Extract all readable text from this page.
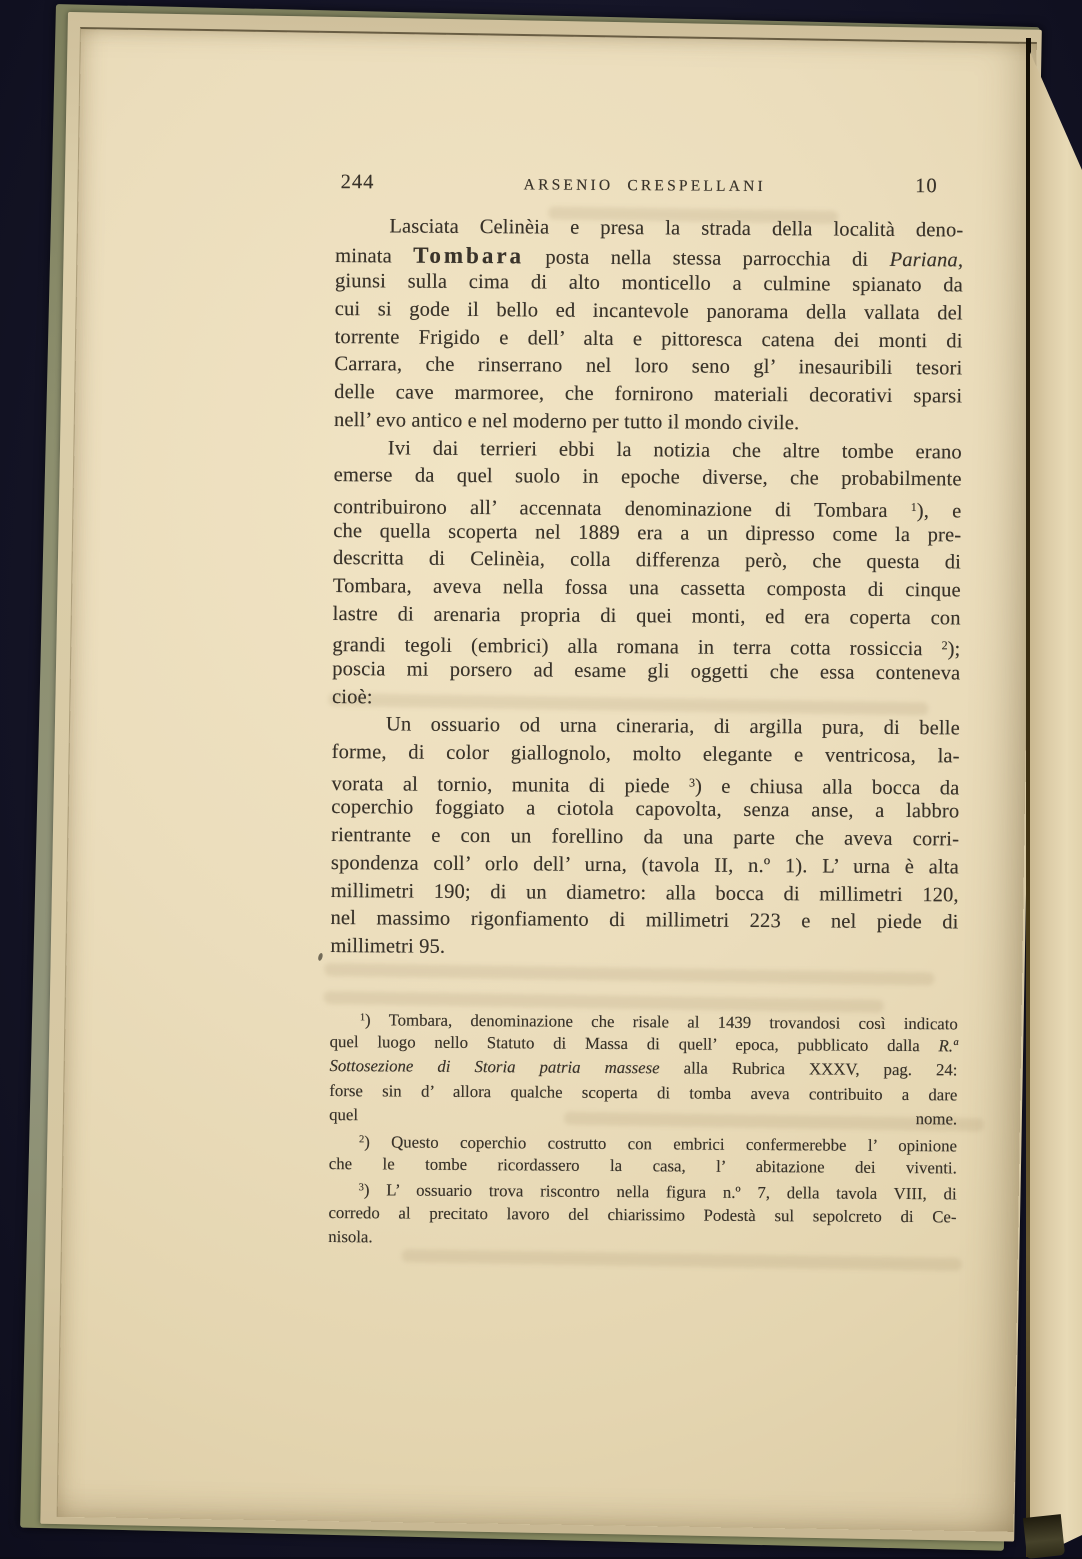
244	ARSENIO CRESPELLANI	10
Lasciata Celinèia e presa la strada della località deno-
minata Tombara posta nella stessa parrocchia di Pariana,
giunsi sulla cima di alto monticello a culmine spianato da
cui si gode il bello ed incantevole panorama della vallata del
torrente Frigido e dell’ alta e pittoresca catena dei monti di
Carrara, che rinserrano nel loro seno gl’ inesauribili tesori
delle cave marmoree, che fornirono materiali decorativi sparsi
nell’ evo antico e nel moderno per tutto il mondo civile.
Ivi dai terrieri ebbi la notizia che altre tombe erano
emerse da quel suolo in epoche diverse, che probabilmente
contribuirono all’ accennata denominazione di Tombara $^1$), e
che quella scoperta nel 1889 era a un dipresso come la pre-
descritta di Celinèia, colla differenza però, che questa di
Tombara, aveva nella fossa una cassetta composta di cinque
lastre di arenaria propria di quei monti, ed era coperta con
grandi tegoli (embrici) alla romana in terra cotta rossiccia $^2$);
poscia mi porsero ad esame gli oggetti che essa conteneva
cioè:
Un ossuario od urna cineraria, di argilla pura, di belle
forme, di color giallognolo, molto elegante e ventricosa, la-
vorata al tornio, munita di piede $^3$) e chiusa alla bocca da
coperchio foggiato a ciotola capovolta, senza anse, a labbro
rientrante e con un forellino da una parte che aveva corri-
spondenza coll’ orlo dell’ urna, (tavola II, n.º 1). L’ urna è alta
millimetri 190; di un diametro: alla bocca di millimetri 120,
nel massimo rigonfiamento di millimetri 223 e nel piede di
millimetri 95.
$^1$) Tombara, denominazione che risale al 1439 trovandosi così indicato
quel luogo nello Statuto di Massa di quell’ epoca, pubblicato dalla R.ª
Sottosezione di Storia patria massese alla Rubrica XXXV, pag. 24:
forse sin d’ allora qualche scoperta di tomba aveva contribuito a dare
quel nome.
$^2$) Questo coperchio costrutto con embrici confermerebbe l’ opinione
che le tombe ricordassero la casa, l’ abitazione dei viventi.
$^3$) L’ ossuario trova riscontro nella figura n.º 7, della tavola VIII, di
corredo al precitato lavoro del chiarissimo Podestà sul sepolcreto di Ce-
nisola.
